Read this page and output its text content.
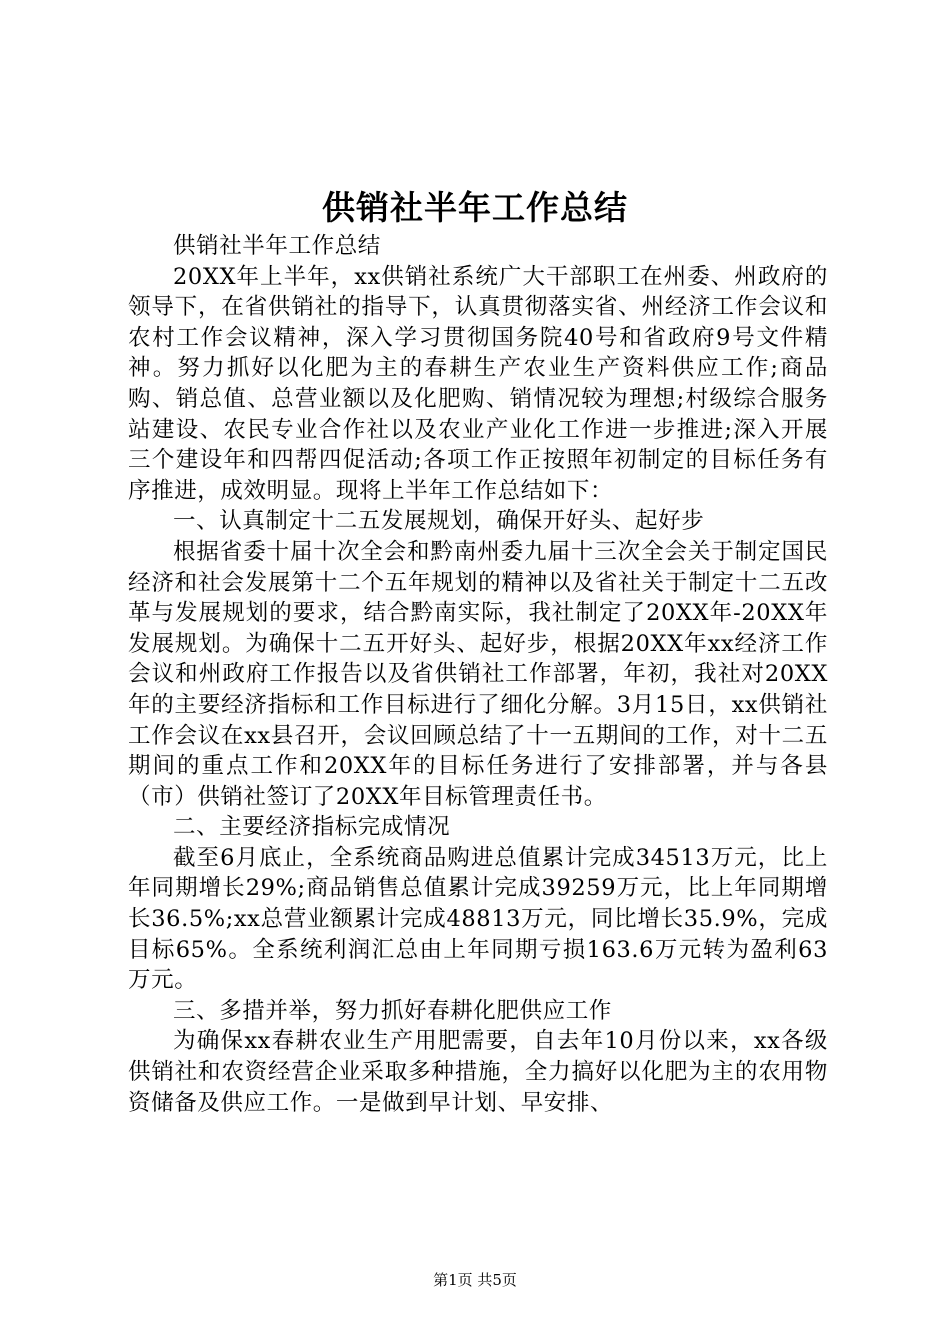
供销社半年工作总结

供销社半年工作总结

20XX年上半年，xx供销社系统广大干部职工在州委、州政府的领导下，在省供销社的指导下，认真贯彻落实省、州经济工作会议和农村工作会议精神，深入学习贯彻国务院40号和省政府9号文件精神。努力抓好以化肥为主的春耕生产农业生产资料供应工作;商品购、销总值、总营业额以及化肥购、销情况较为理想;村级综合服务站建设、农民专业合作社以及农业产业化工作进一步推进;深入开展三个建设年和四帮四促活动;各项工作正按照年初制定的目标任务有序推进，成效明显。现将上半年工作总结如下：

一、认真制定十二五发展规划，确保开好头、起好步

根据省委十届十次全会和黔南州委九届十三次全会关于制定国民经济和社会发展第十二个五年规划的精神以及省社关于制定十二五改革与发展规划的要求，结合黔南实际，我社制定了20XX年-20XX年发展规划。为确保十二五开好头、起好步，根据20XX年xx经济工作会议和州政府工作报告以及省供销社工作部署，年初，我社对20XX年的主要经济指标和工作目标进行了细化分解。3月15日，xx供销社工作会议在xx县召开，会议回顾总结了十一五期间的工作，对十二五期间的重点工作和20XX年的目标任务进行了安排部署，并与各县（市）供销社签订了20XX年目标管理责任书。

二、主要经济指标完成情况

截至6月底止，全系统商品购进总值累计完成34513万元，比上年同期增长29%;商品销售总值累计完成39259万元，比上年同期增长36.5%;xx总营业额累计完成48813万元，同比增长35.9%，完成目标65%。全系统利润汇总由上年同期亏损163.6万元转为盈利63万元。

三、多措并举，努力抓好春耕化肥供应工作

为确保xx春耕农业生产用肥需要，自去年10月份以来，xx各级供销社和农资经营企业采取多种措施，全力搞好以化肥为主的农用物资储备及供应工作。一是做到早计划、早安排、

第1页 共5页
